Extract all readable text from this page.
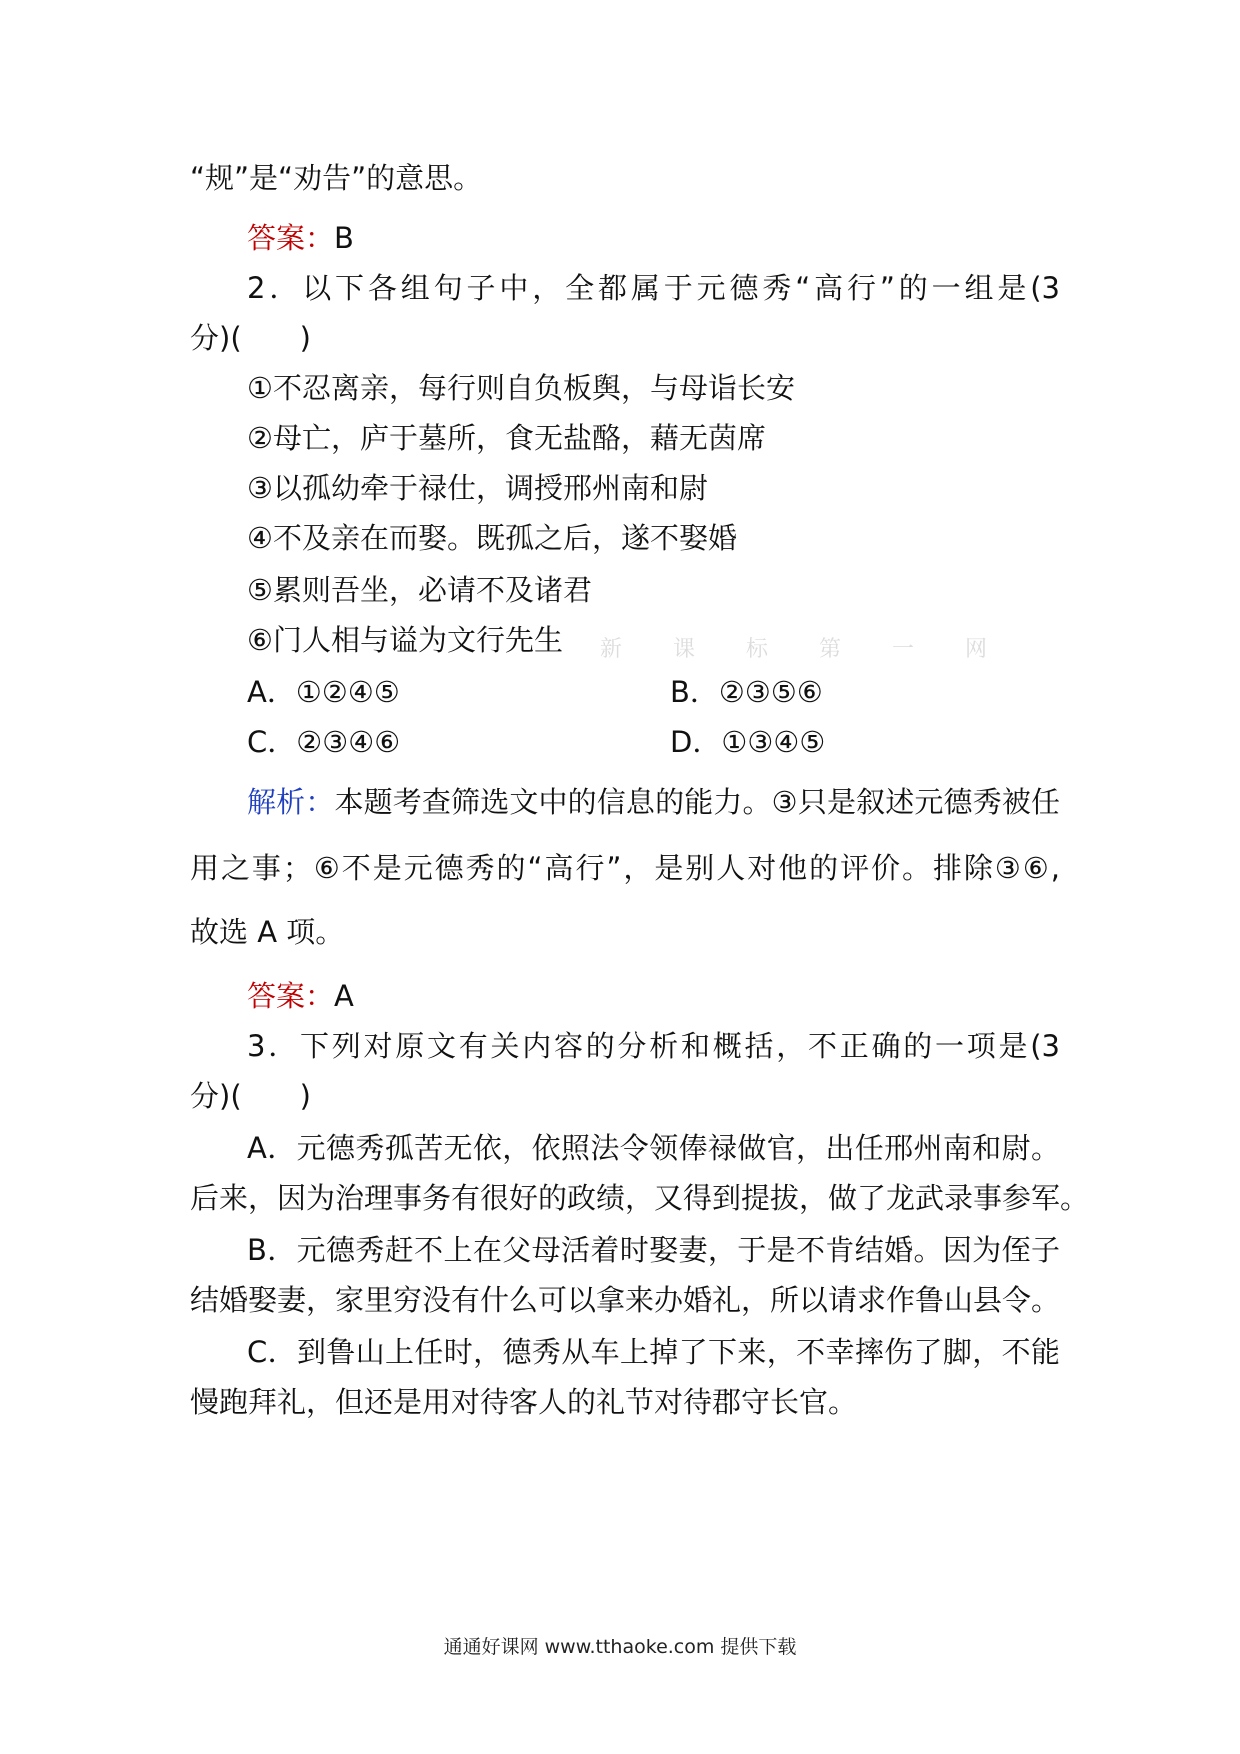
“规”是“劝告”的意思。
答案：B
2．以下各组句子中，全都属于元德秀“高行”的一组是(3
分)(　　)
①不忍离亲，每行则自负板舆，与母诣长安
②母亡，庐于墓所，食无盐酪，藉无茵席
③以孤幼牵于禄仕，调授邢州南和尉
④不及亲在而娶。既孤之后，遂不娶婚
⑤累则吾坐，必请不及诸君
新 课 标 第 一 网
⑥门人相与谥为文行先生
A．①②④⑤	B．②③⑤⑥
C．②③④⑥	D．①③④⑤
解析：本题考查筛选文中的信息的能力。③只是叙述元德秀被任
用之事；⑥不是元德秀的“高行”，是别人对他的评价。排除③⑥,
故选 A 项。
答案：A
3．下列对原文有关内容的分析和概括，不正确的一项是(3
分)(　　)
A．元德秀孤苦无依，依照法令领俸禄做官，出任邢州南和尉。
后来，因为治理事务有很好的政绩，又得到提拔，做了龙武录事参军。
B．元德秀赶不上在父母活着时娶妻，于是不肯结婚。因为侄子
结婚娶妻，家里穷没有什么可以拿来办婚礼，所以请求作鲁山县令。
C．到鲁山上任时，德秀从车上掉了下来，不幸摔伤了脚，不能
慢跑拜礼，但还是用对待客人的礼节对待郡守长官。
通通好课网 www.tthaoke.com 提供下载
